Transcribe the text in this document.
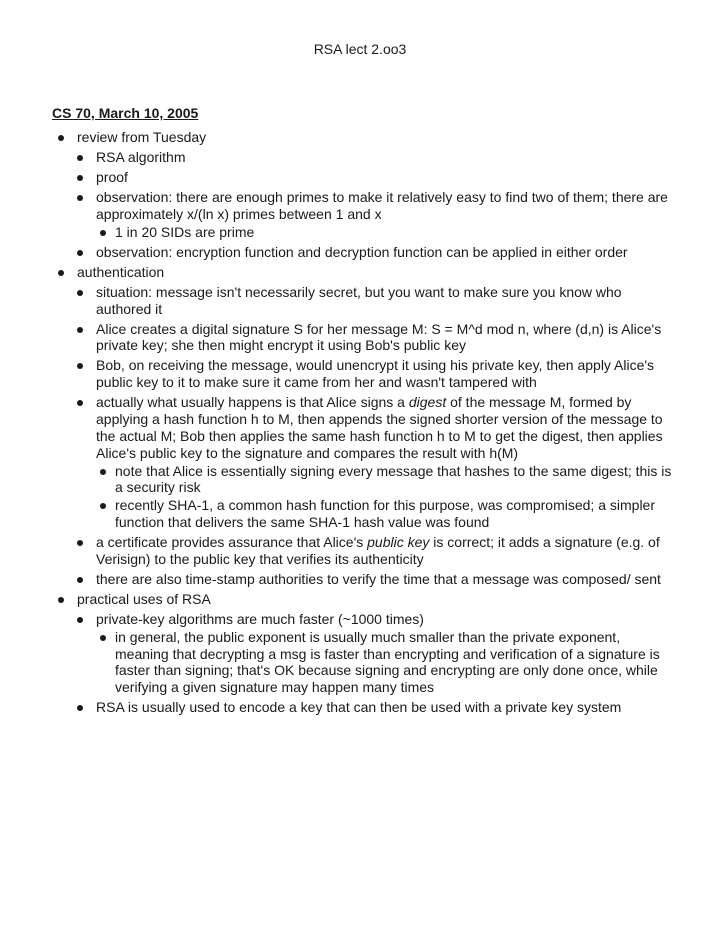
RSA lect 2.oo3
CS 70, March 10, 2005
review from Tuesday
RSA algorithm
proof
observation: there are enough primes to make it relatively easy to find two of them; there are approximately x/(ln x) primes between 1 and x
1 in 20 SIDs are prime
observation: encryption function and decryption function can be applied in either order
authentication
situation: message isn't necessarily secret, but you want to make sure you know who authored it
Alice creates a digital signature S for her message M: S = M^d mod n, where (d,n) is Alice's private key; she then might encrypt it using Bob's public key
Bob, on receiving the message, would unencrypt it using his private key, then apply Alice's public key to it to make sure it came from her and wasn't tampered with
actually what usually happens is that Alice signs a digest of the message M, formed by applying a hash function h to M, then appends the signed shorter version of the message to the actual M; Bob then applies the same hash function h to M to get the digest, then applies Alice's public key to the signature and compares the result with h(M)
note that Alice is essentially signing every message that hashes to the same digest; this is a security risk
recently SHA-1, a common hash function for this purpose, was compromised; a simpler function that delivers the same SHA-1 hash value was found
a certificate provides assurance that Alice's public key is correct; it adds a signature (e.g. of Verisign) to the public key that verifies its authenticity
there are also time-stamp authorities to verify the time that a message was composed/ sent
practical uses of RSA
private-key algorithms are much faster (~1000 times)
in general, the public exponent is usually much smaller than the private exponent, meaning that decrypting a msg is faster than encrypting and verification of a signature is faster than signing; that's OK because signing and encrypting are only done once, while verifying a given signature may happen many times
RSA is usually used to encode a key that can then be used with a private key system
